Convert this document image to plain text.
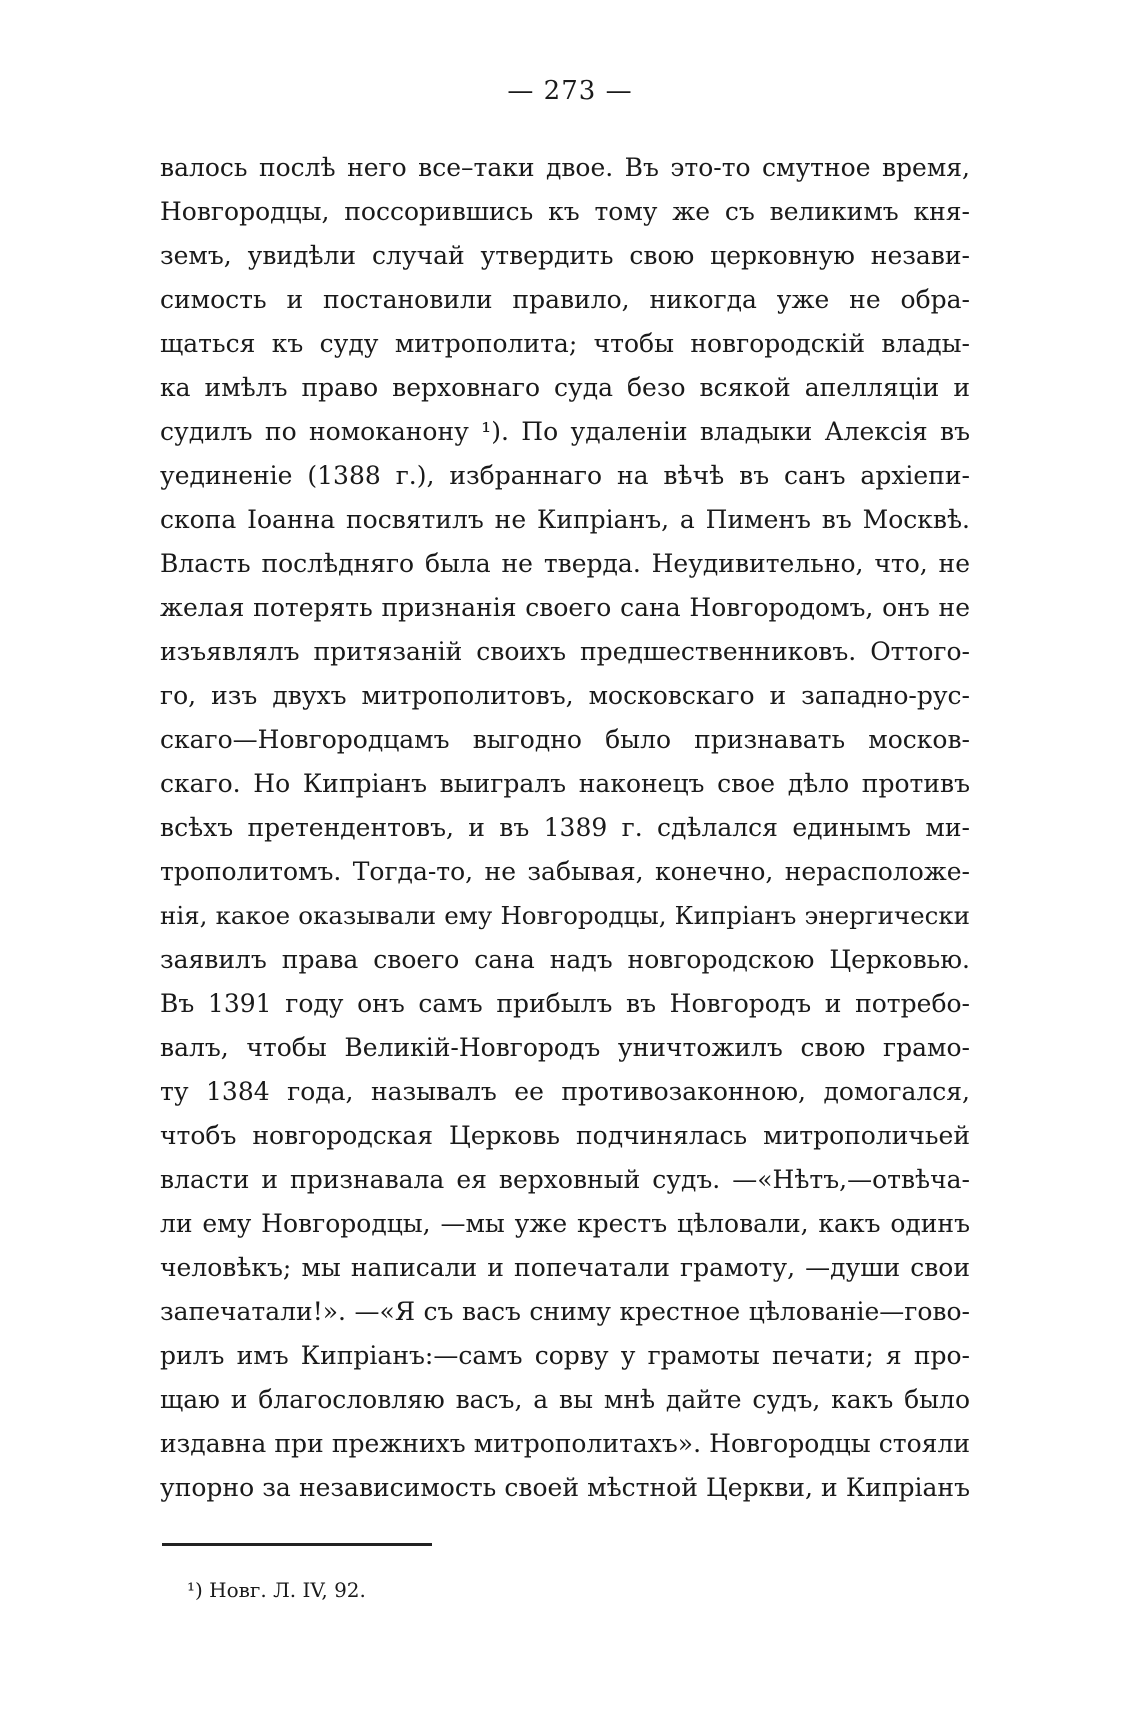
— 273 —
валось послѣ него все–таки двое. Въ это-то смутное время,
Новгородцы, поссорившись къ тому же съ великимъ кня-
земъ, увидѣли случай утвердить свою церковную незави-
симость и постановили правило, никогда уже не обра-
щаться къ суду митрополита; чтобы новгородскій влады-
ка имѣлъ право верховнаго суда безо всякой апелляціи и
судилъ по номоканону ¹). По удаленіи владыки Алексія въ
уединеніе (1388 г.), избраннаго на вѣчѣ въ санъ архіепи-
скопа Іоанна посвятилъ не Кипріанъ, а Пименъ въ Москвѣ.
Власть послѣдняго была не тверда. Неудивительно, что, не
желая потерять признанія своего сана Новгородомъ, онъ не
изъявлялъ притязаній своихъ предшественниковъ. Оттого-
го, изъ двухъ митрополитовъ, московскаго и западно-рус-
скаго—Новгородцамъ выгодно было признавать москов-
скаго. Но Кипріанъ выигралъ наконецъ свое дѣло противъ
всѣхъ претендентовъ, и въ 1389 г. сдѣлался единымъ ми-
трополитомъ. Тогда-то, не забывая, конечно, нерасположе-
нія, какое оказывали ему Новгородцы, Кипріанъ энергически
заявилъ права своего сана надъ новгородскою Церковью.
Въ 1391 году онъ самъ прибылъ въ Новгородъ и потребо-
валъ, чтобы Великій-Новгородъ уничтожилъ свою грамо-
ту 1384 года, называлъ ее противозаконною, домогался,
чтобъ новгородская Церковь подчинялась митрополичьей
власти и признавала ея верховный судъ. —«Нѣтъ,—отвѣча-
ли ему Новгородцы, —мы уже крестъ цѣловали, какъ одинъ
человѣкъ; мы написали и попечатали грамоту, —души свои
запечатали!». —«Я съ васъ сниму крестное цѣлованіе—гово-
рилъ имъ Кипріанъ:—самъ сорву у грамоты печати; я про-
щаю и благословляю васъ, а вы мнѣ дайте судъ, какъ было
издавна при прежнихъ митрополитахъ». Новгородцы стояли
упорно за независимость своей мѣстной Церкви, и Кипріанъ
¹) Новг. Л. IV, 92.
